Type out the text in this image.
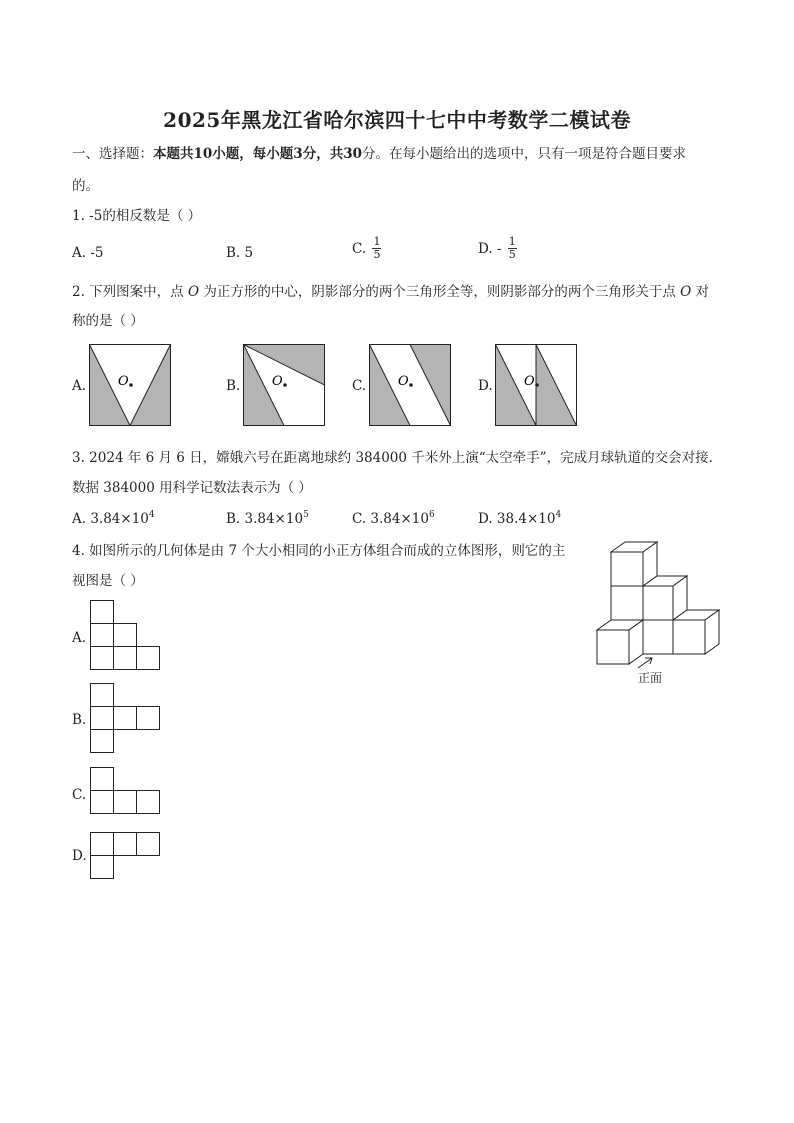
2025年黑龙江省哈尔滨四十七中中考数学二模试卷
一、选择题：本题共10小题，每小题3分，共30分。在每小题给出的选项中，只有一项是符合题目要求
的。
1. -5的相反数是（ ）
A. -5	B. 5	C. $\frac{1}{5}$	D. - $\frac{1}{5}$
2. 下列图案中，点 O 为正方形的中心，阴影部分的两个三角形全等，则阴影部分的两个三角形关于点 O 对
称的是（ ）
A. O	B. O	C. O	D. O
3. 2024 年 6 月 6 日，嫦娥六号在距离地球约 384000 千米外上演“太空牵手”，完成月球轨道的交会对接.
数据 384000 用科学记数法表示为（ ）
A. $3.84\times 10^4$	B. $3.84\times 10^5$	C. $3.84\times 10^6$	D. $38.4\times 10^4$
4. 如图所示的几何体是由 7 个大小相同的小正方体组合而成的立体图形，则它的主
视图是（ ）
正面
A.
B.
C.
D.
